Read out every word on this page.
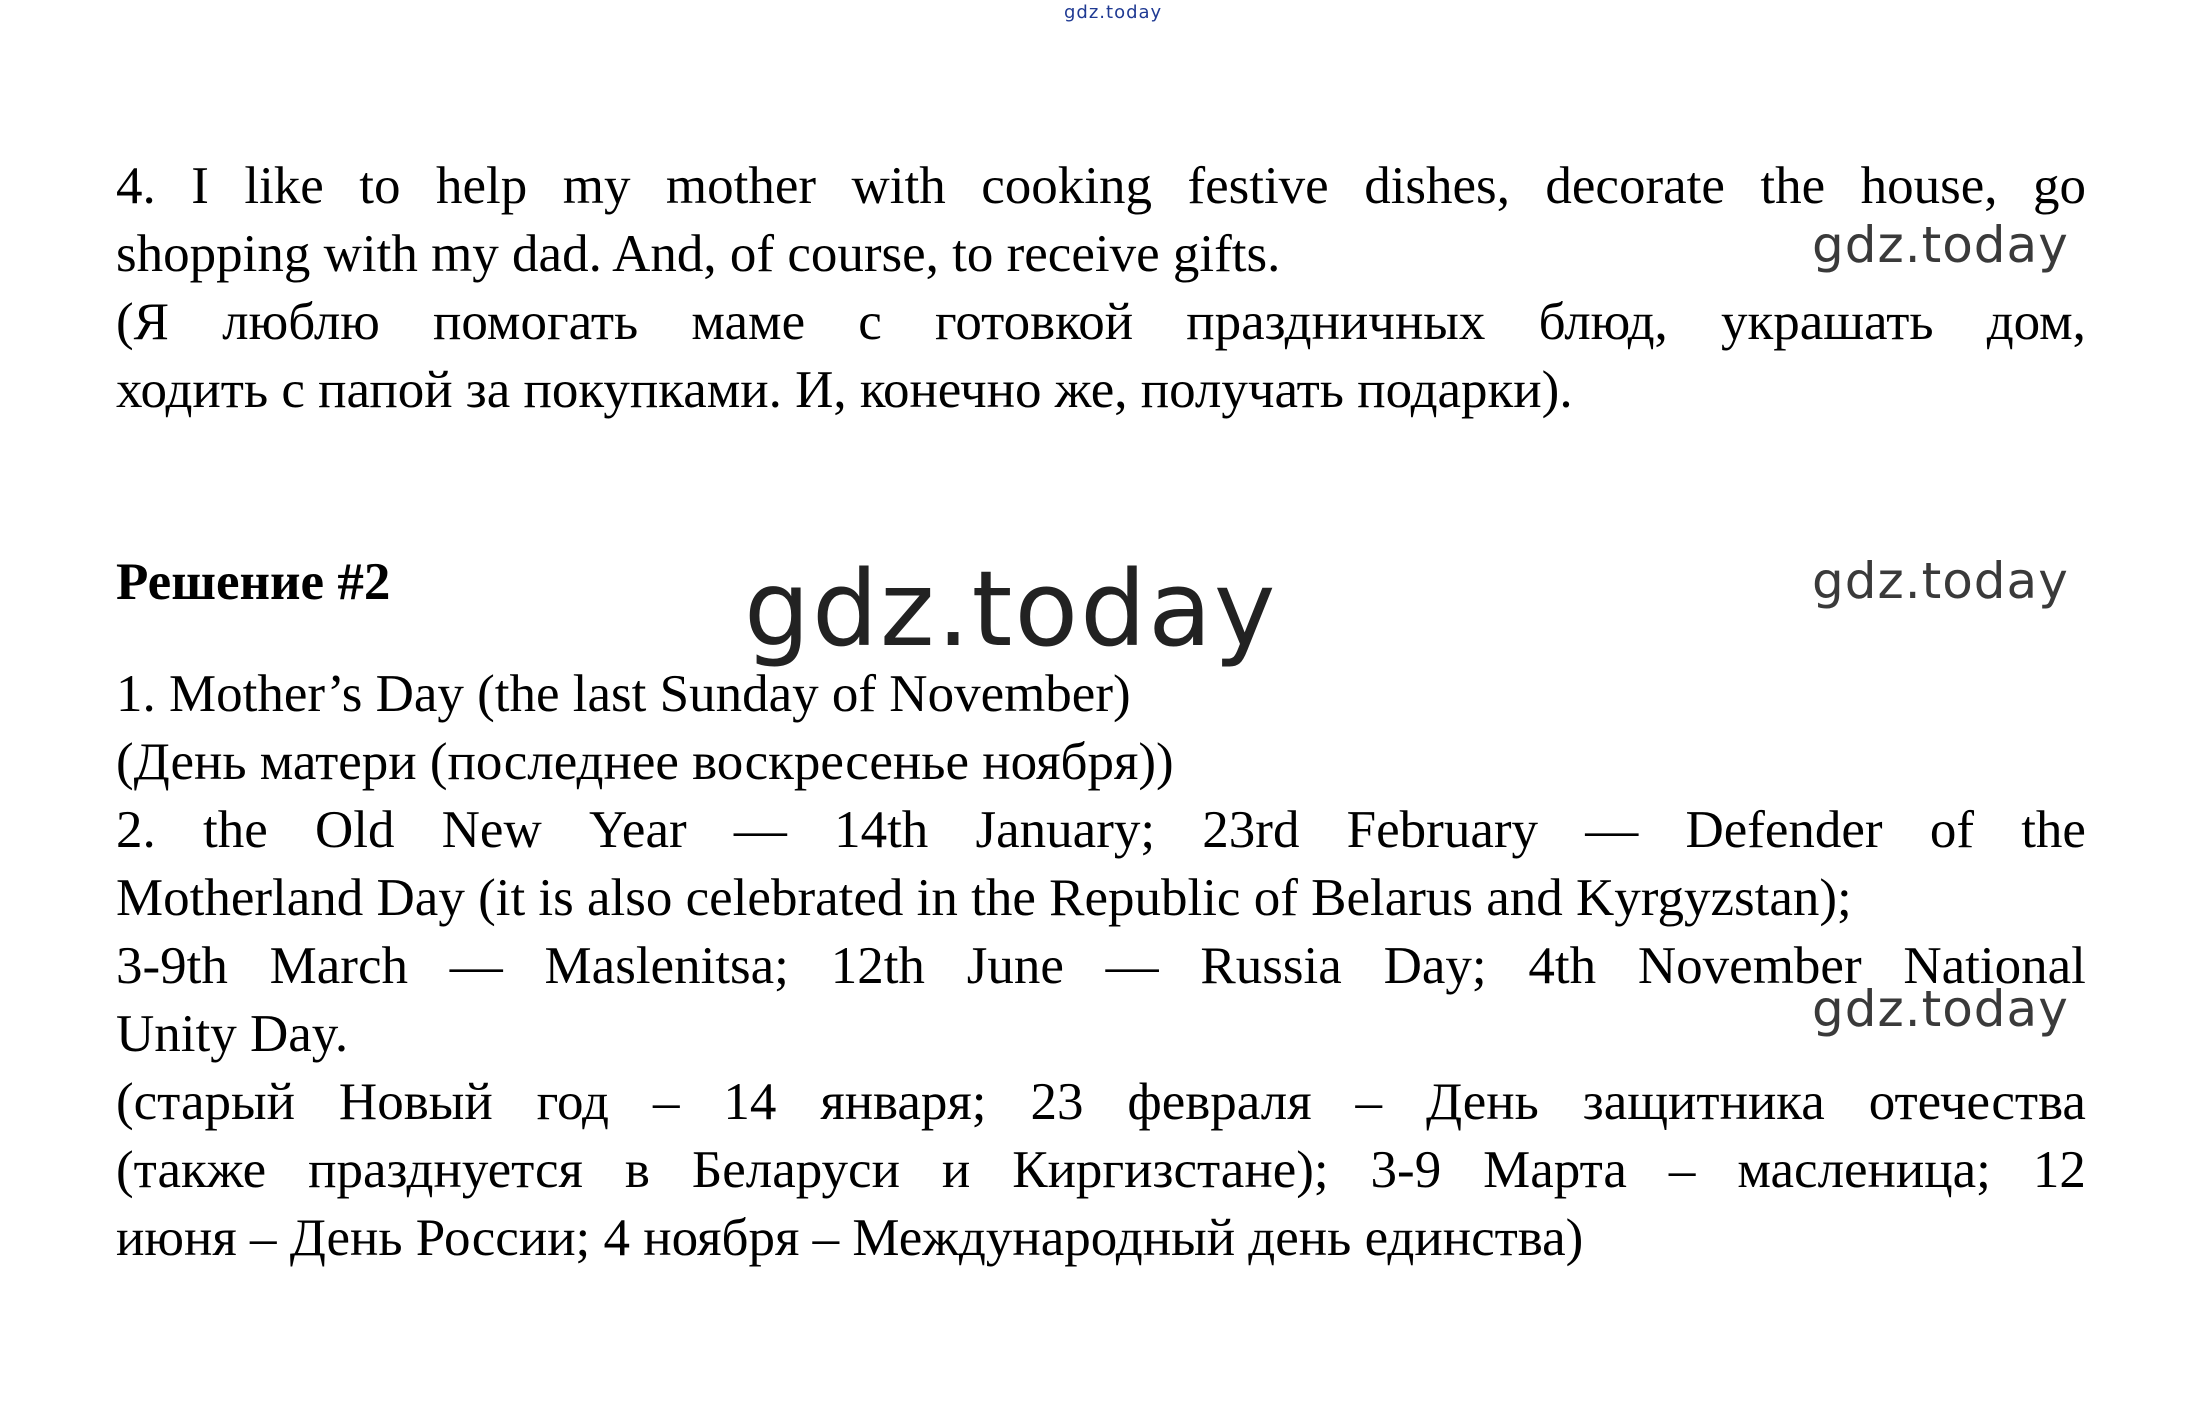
gdz.today
4. I like to help my mother with cooking festive dishes, decorate the house, go
shopping with my dad. And, of course, to receive gifts.
(Я люблю помогать маме с готовкой праздничных блюд, украшать дом,
ходить с папой за покупками. И, конечно же, получать подарки).
gdz.today
Решение #2	gdz.today	gdz.today
1. Mother’s Day (the last Sunday of November)
(День матери (последнее воскресенье ноября))
2. the Old New Year — 14th January; 23rd February — Defender of the
Motherland Day (it is also celebrated in the Republic of Belarus and Kyrgyzstan);
3-9th March — Maslenitsa; 12th June — Russia Day; 4th November National
Unity Day.
(старый Новый год – 14 января; 23 февраля – День защитника отечества
(также празднуется в Беларуси и Киргизстане); 3-9 Марта – масленица; 12
июня – День России; 4 ноября – Международный день единства)
gdz.today
